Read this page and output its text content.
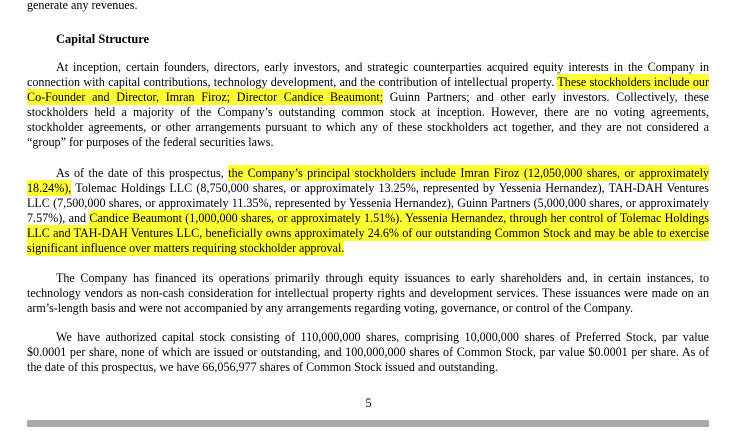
generate any revenues.
Capital Structure

At inception, certain founders, directors, early investors, and strategic counterparties acquired equity interests in the Company in connection with capital contributions, technology development, and the contribution of intellectual property. These stockholders include our Co-Founder and Director, Imran Firoz; Director Candice Beaumont; Guinn Partners; and other early investors. Collectively, these stockholders held a majority of the Company’s outstanding common stock at inception. However, there are no voting agreements, stockholder agreements, or other arrangements pursuant to which any of these stockholders act together, and they are not considered a “group” for purposes of the federal securities laws.

As of the date of this prospectus, the Company’s principal stockholders include Imran Firoz (12,050,000 shares, or approximately 18.24%), Tolemac Holdings LLC (8,750,000 shares, or approximately 13.25%, represented by Yessenia Hernandez), TAH-DAH Ventures LLC (7,500,000 shares, or approximately 11.35%, represented by Yessenia Hernandez), Guinn Partners (5,000,000 shares, or approximately 7.57%), and Candice Beaumont (1,000,000 shares, or approximately 1.51%). Yessenia Hernandez, through her control of Tolemac Holdings LLC and TAH-DAH Ventures LLC, beneficially owns approximately 24.6% of our outstanding Common Stock and may be able to exercise significant influence over matters requiring stockholder approval.

The Company has financed its operations primarily through equity issuances to early shareholders and, in certain instances, to technology vendors as non-cash consideration for intellectual property rights and development services. These issuances were made on an arm’s-length basis and were not accompanied by any arrangements regarding voting, governance, or control of the Company.

We have authorized capital stock consisting of 110,000,000 shares, comprising 10,000,000 shares of Preferred Stock, par value $0.0001 per share, none of which are issued or outstanding, and 100,000,000 shares of Common Stock, par value $0.0001 per share. As of the date of this prospectus, we have 66,056,977 shares of Common Stock issued and outstanding.

5
